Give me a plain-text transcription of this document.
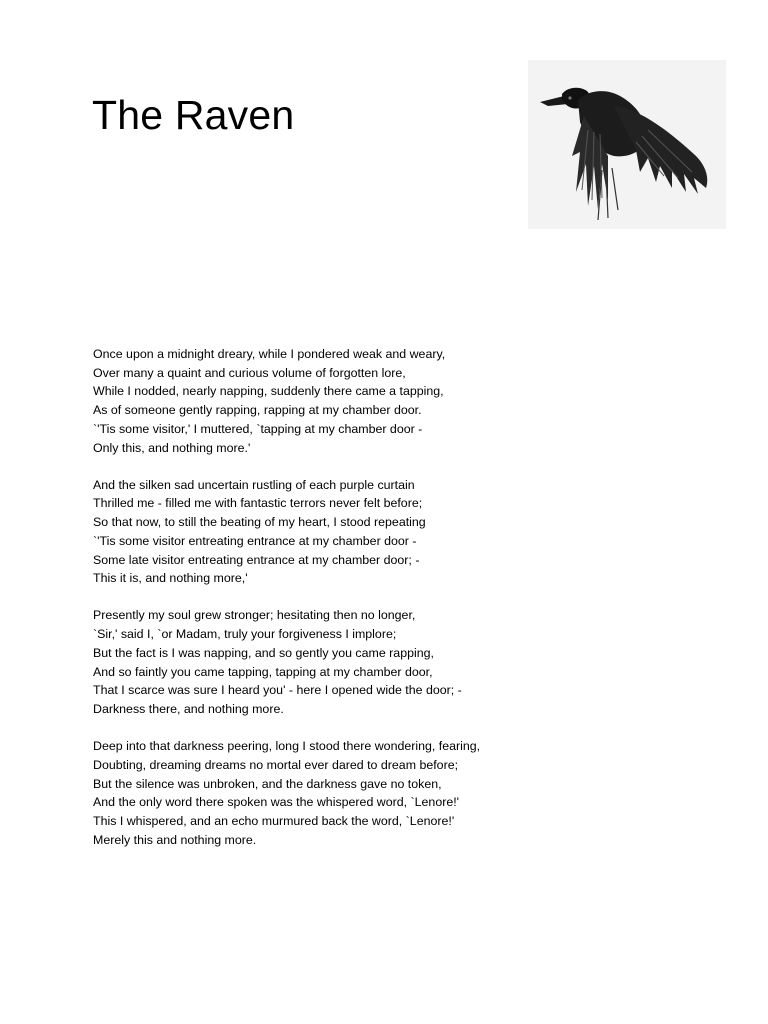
The Raven
Once upon a midnight dreary, while I pondered weak and weary,
Over many a quaint and curious volume of forgotten lore,
While I nodded, nearly napping, suddenly there came a tapping,
As of someone gently rapping, rapping at my chamber door.
`'Tis some visitor,' I muttered, `tapping at my chamber door -
Only this, and nothing more.'
And the silken sad uncertain rustling of each purple curtain
Thrilled me - filled me with fantastic terrors never felt before;
So that now, to still the beating of my heart, I stood repeating
`'Tis some visitor entreating entrance at my chamber door -
Some late visitor entreating entrance at my chamber door; -
This it is, and nothing more,'
Presently my soul grew stronger; hesitating then no longer,
`Sir,' said I, `or Madam, truly your forgiveness I implore;
But the fact is I was napping, and so gently you came rapping,
And so faintly you came tapping, tapping at my chamber door,
That I scarce was sure I heard you' - here I opened wide the door; -
Darkness there, and nothing more.
Deep into that darkness peering, long I stood there wondering, fearing,
Doubting, dreaming dreams no mortal ever dared to dream before;
But the silence was unbroken, and the darkness gave no token,
And the only word there spoken was the whispered word, `Lenore!'
This I whispered, and an echo murmured back the word, `Lenore!'
Merely this and nothing more.
